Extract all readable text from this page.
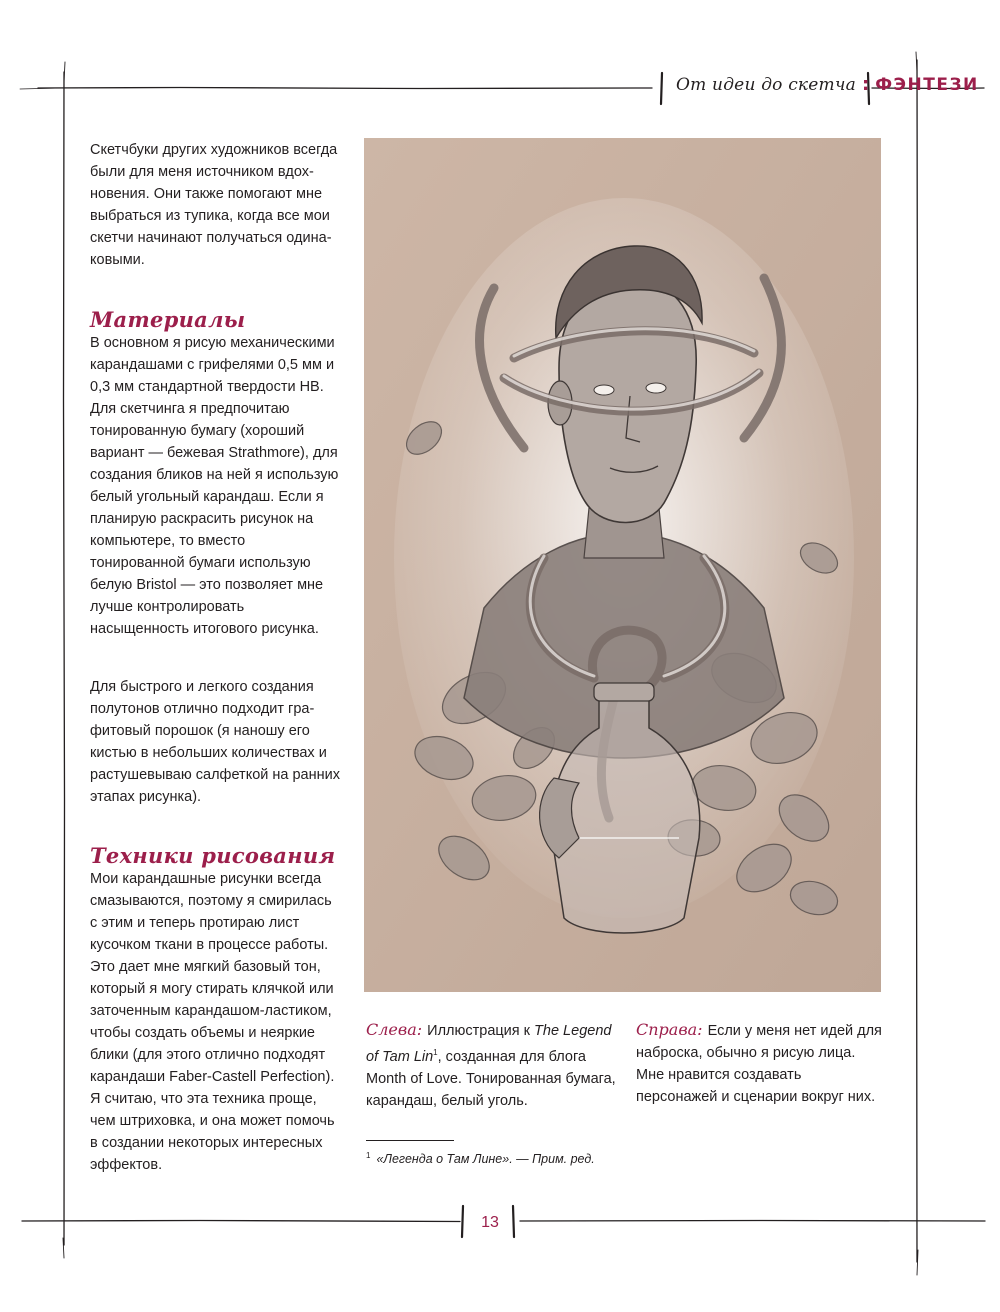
От идеи до скетча : ФЭНТЕЗИ

Скетчбуки других художников всегда были для меня источником вдохновения. Они также помогают мне выбраться из тупика, когда все мои скетчи начинают получаться одинаковыми.

Материалы

В основном я рисую механическими карандашами с грифелями 0,5 мм и 0,3 мм стандартной твердости HB. Для скетчинга я предпочитаю тонированную бумагу (хороший вариант — бежевая Strathmore), для создания бликов на ней я использую белый угольный карандаш. Если я планирую раскрасить рисунок на компьютере, то вместо тонированной бумаги использую белую Bristol — это позволяет мне лучше контролировать насыщенность итогового рисунка.

Для быстрого и легкого создания полутонов отлично подходит графитовый порошок (я наношу его кистью в небольших количествах и растушевываю салфеткой на ранних этапах рисунка).

Техники рисования

Мои карандашные рисунки всегда смазываются, поэтому я смирилась с этим и теперь протираю лист кусочком ткани в процессе работы. Это дает мне мягкий базовый тон, который я могу стирать клячкой или заточенным карандашом-ластиком, чтобы создать объемы и неяркие блики (для этого отлично подходят карандаши Faber-Castell Perfection). Я считаю, что эта техника проще, чем штриховка, и она может помочь в создании некоторых интересных эффектов.

Слева: Иллюстрация к The Legend of Tam Lin$^1$, созданная для блога Month of Love. Тонированная бумага, карандаш, белый уголь.
Справа: Если у меня нет идей для наброска, обычно я рисую лица. Мне нравится создавать персонажей и сценарии вокруг них.
$^1$ «Легенда о Там Лине». — Прим. ред.
13
